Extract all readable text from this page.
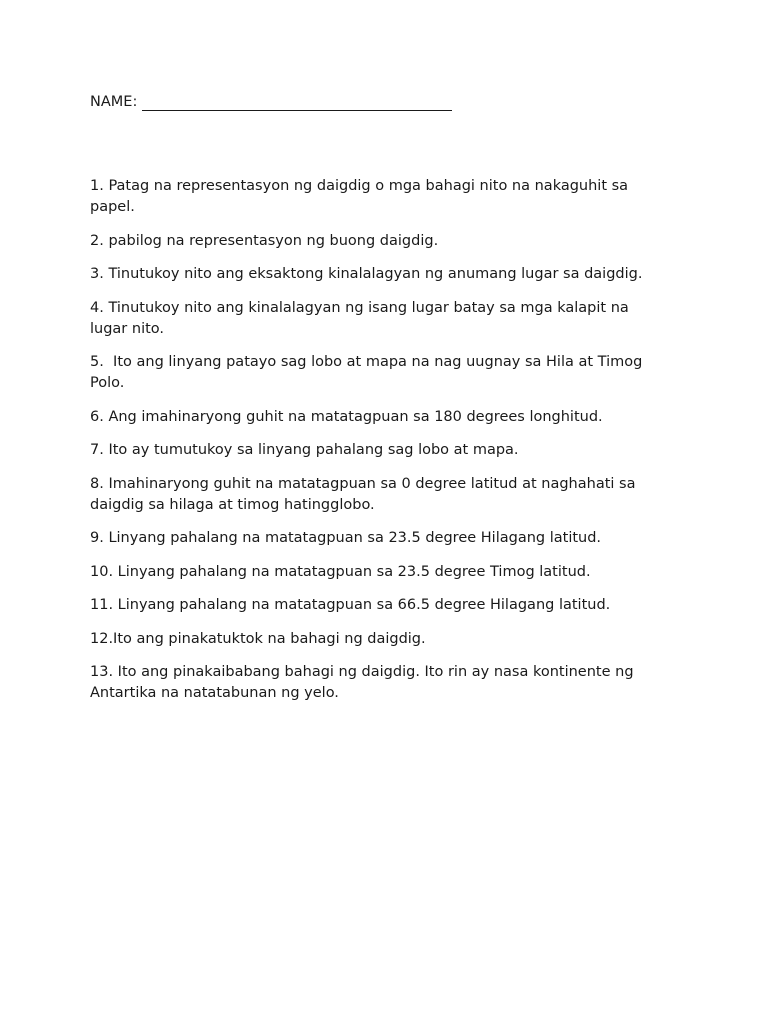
NAME:
1. Patag na representasyon ng daigdig o mga bahagi nito na nakaguhit sa papel.
2. pabilog na representasyon ng buong daigdig.
3. Tinutukoy nito ang eksaktong kinalalagyan ng anumang lugar sa daigdig.
4. Tinutukoy nito ang kinalalagyan ng isang lugar batay sa mga kalapit na lugar nito.
5.  Ito ang linyang patayo sag lobo at mapa na nag uugnay sa Hila at Timog Polo.
6. Ang imahinaryong guhit na matatagpuan sa 180 degrees longhitud.
7. Ito ay tumutukoy sa linyang pahalang sag lobo at mapa.
8. Imahinaryong guhit na matatagpuan sa 0 degree latitud at naghahati sa daigdig sa hilaga at timog hatingglobo.
9. Linyang pahalang na matatagpuan sa 23.5 degree Hilagang latitud.
10. Linyang pahalang na matatagpuan sa 23.5 degree Timog latitud.
11. Linyang pahalang na matatagpuan sa 66.5 degree Hilagang latitud.
12.Ito ang pinakatuktok na bahagi ng daigdig.
13. Ito ang pinakaibabang bahagi ng daigdig. Ito rin ay nasa kontinente ng Antartika na natatabunan ng yelo.
